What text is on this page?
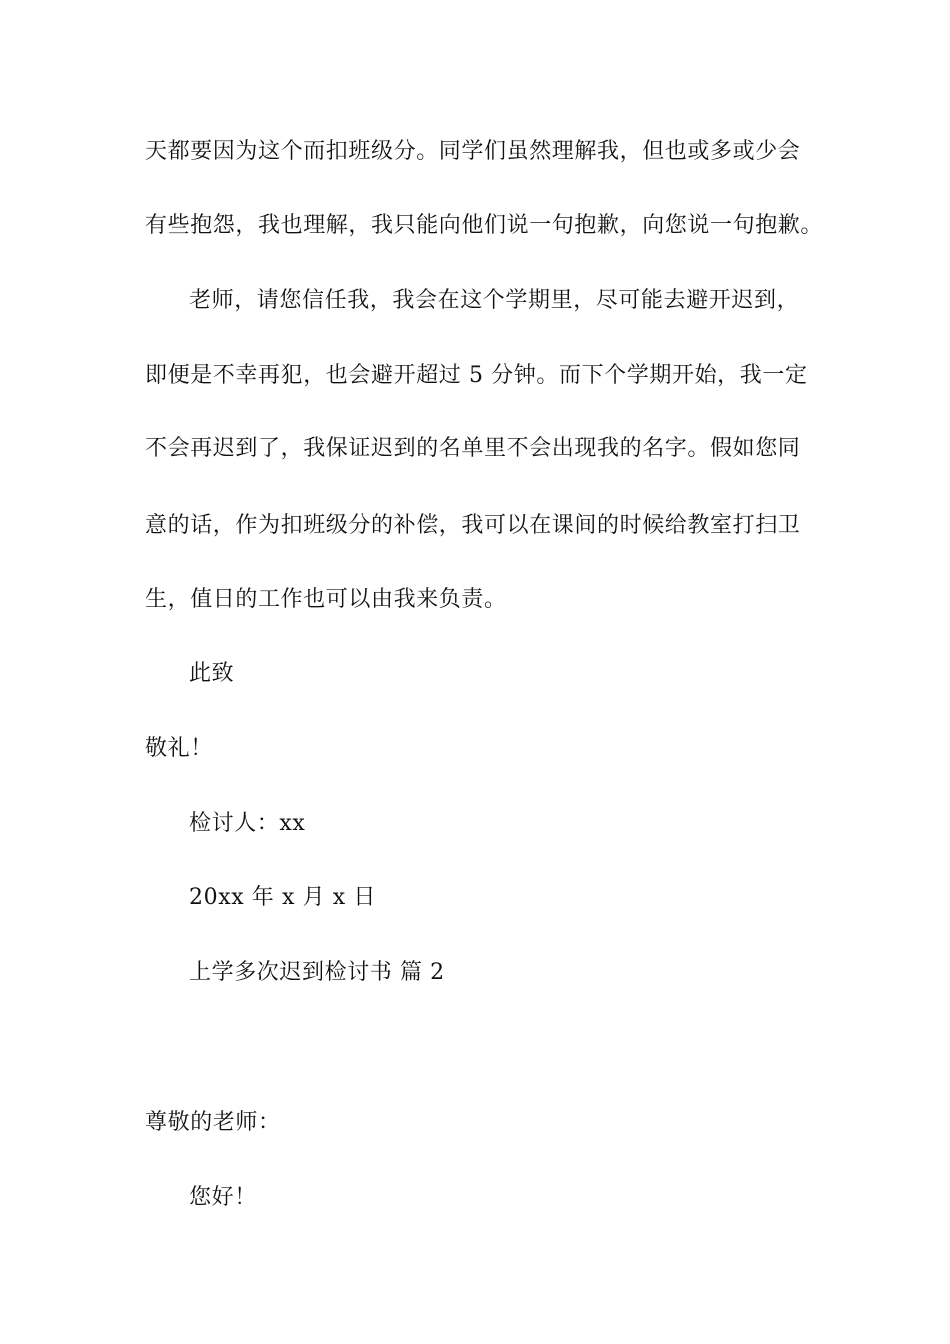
天都要因为这个而扣班级分。同学们虽然理解我，但也或多或少会
有些抱怨，我也理解，我只能向他们说一句抱歉，向您说一句抱歉。
老师，请您信任我，我会在这个学期里，尽可能去避开迟到，
即便是不幸再犯，也会避开超过 5 分钟。而下个学期开始，我一定
不会再迟到了，我保证迟到的名单里不会出现我的名字。假如您同
意的话，作为扣班级分的补偿，我可以在课间的时候给教室打扫卫
生，值日的工作也可以由我来负责。
此致
敬礼！
检讨人：xx
20xx 年 x 月 x 日
上学多次迟到检讨书 篇 2
尊敬的老师：
您好！
